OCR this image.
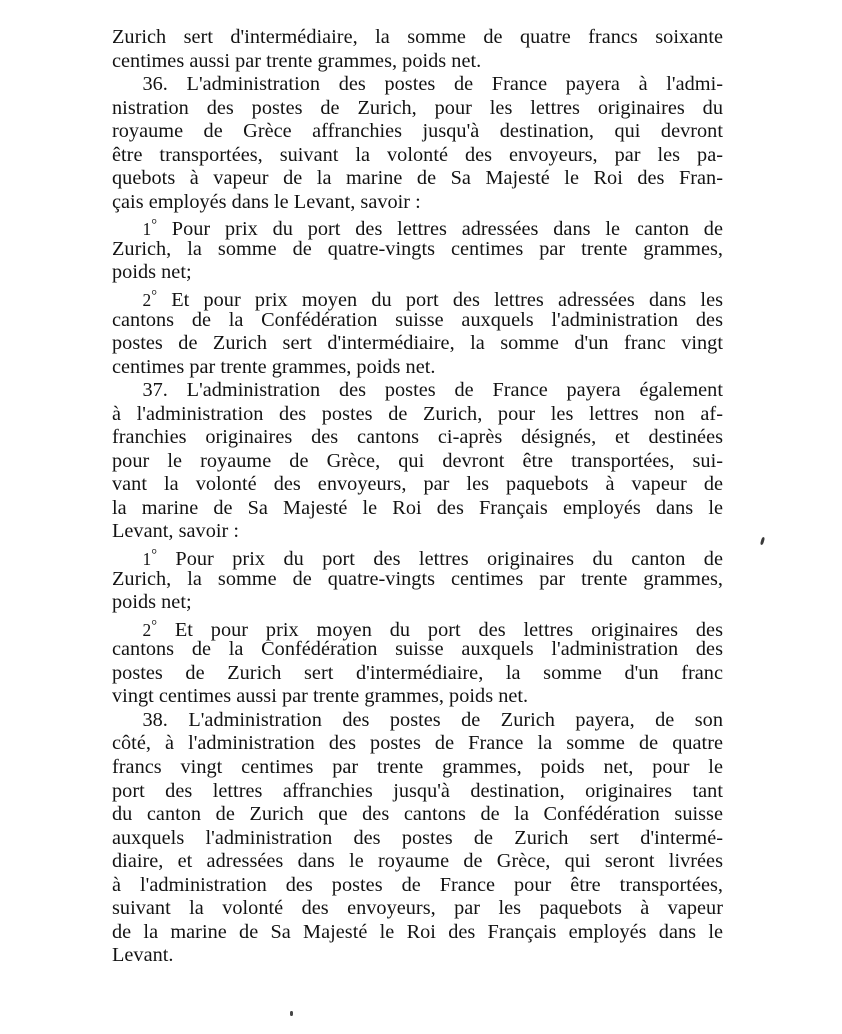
Zurich sert d'intermédiaire, la somme de quatre francs soixante
centimes aussi par trente grammes, poids net.
  36. L'administration des postes de France payera à l'admi-
nistration des postes de Zurich, pour les lettres originaires du
royaume de Grèce affranchies jusqu'à destination, qui devront
être transportées, suivant la volonté des envoyeurs, par les pa-
quebots à vapeur de la marine de Sa Majesté le Roi des Fran-
çais employés dans le Levant, savoir :
  1° Pour prix du port des lettres adressées dans le canton de
Zurich, la somme de quatre-vingts centimes par trente grammes,
poids net;
  2° Et pour prix moyen du port des lettres adressées dans les
cantons de la Confédération suisse auxquels l'administration des
postes de Zurich sert d'intermédiaire, la somme d'un franc vingt
centimes par trente grammes, poids net.
  37. L'administration des postes de France payera également
à l'administration des postes de Zurich, pour les lettres non af-
franchies originaires des cantons ci-après désignés, et destinées
pour le royaume de Grèce, qui devront être transportées, sui-
vant la volonté des envoyeurs, par les paquebots à vapeur de
la marine de Sa Majesté le Roi des Français employés dans le
Levant, savoir :
  1° Pour prix du port des lettres originaires du canton de
Zurich, la somme de quatre-vingts centimes par trente grammes,
poids net;
  2° Et pour prix moyen du port des lettres originaires des
cantons de la Confédération suisse auxquels l'administration des
postes de Zurich sert d'intermédiaire, la somme d'un franc
vingt centimes aussi par trente grammes, poids net.
  38. L'administration des postes de Zurich payera, de son
côté, à l'administration des postes de France la somme de quatre
francs vingt centimes par trente grammes, poids net, pour le
port des lettres affranchies jusqu'à destination, originaires tant
du canton de Zurich que des cantons de la Confédération suisse
auxquels l'administration des postes de Zurich sert d'intermé-
diaire, et adressées dans le royaume de Grèce, qui seront livrées
à l'administration des postes de France pour être transportées,
suivant la volonté des envoyeurs, par les paquebots à vapeur
de la marine de Sa Majesté le Roi des Français employés dans le
Levant.
